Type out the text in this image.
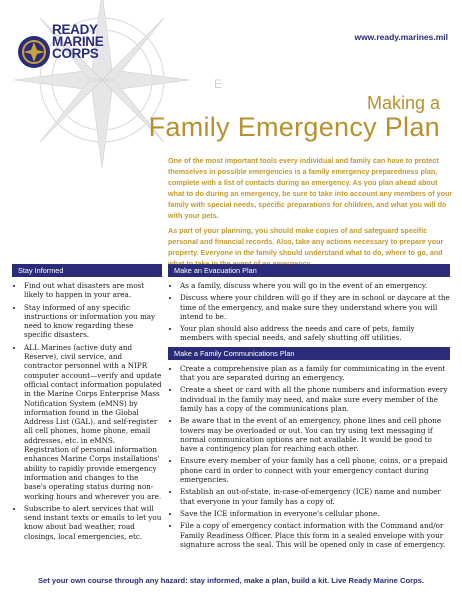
E
READY
MARINE
CORPS
www.ready.marines.mil
Making a
Family Emergency Plan

One of the most important tools every individual and family can have to protect themselves in possible emergencies is a family emergency preparedness plan, complete with a list of contacts during an emergency. As you plan ahead about what to do during an emergency, be sure to take into account any members of your family with special needs, specific preparations for children, and what you will do with your pets.

As part of your planning, you should make copies of and safeguard specific personal and financial records. Also, take any actions necessary to prepare your property. Everyone in the family should understand what to do, where to go, and

Stay Informed
• Find out what disasters are most likely to happen in your area.
• Stay informed of any specific instructions or information you may need to know regarding these specific disasters.
• ALL Marines (active duty and Reserve), civil service, and contractor personnel with a NIPR computer account—verify and update official contact information populated in the Marine Corps Enterprise Mass Notification System (eMNS) by information found in the Global Address List (GAL), and self-register all cell phones, home phone, email addresses, etc. in eMNS. Registration of personal information enhances Marine Corps installations' ability to rapidly provide emergency information and changes to the base's operating status during non-working hours and wherever you are.
• Subscribe to alert services that will send instant texts or emails to let you know about bad weather, road closings, local emergencies, etc.
Make an Evacuation Plan
• As a family, discuss where you will go in the event of an emergency.
• Discuss where your children will go if they are in school or daycare at the time of the emergency, and make sure they understand where you will intend to be.
• Your plan should also address the needs and care of pets, family members with special needs, and safely shutting off utilities.
Make a Family Communications Plan
• Create a comprehensive plan as a family for communicating in the event that you are separated during an emergency.
• Create a sheet or card with all the phone numbers and information every individual in the family may need, and make sure every member of the family has a copy of the communications plan.
• Be aware that in the event of an emergency, phone lines and cell phone towers may be overloaded or out. You can try using text messaging if normal communication options are not available. It would be good to have a contingency plan for reaching each other.
• Ensure every member of your family has a cell phone, coins, or a prepaid phone card in order to connect with your emergency contact during emergencies.
• Establish an out-of-state, in-case-of-emergency (ICE) name and number that everyone in your family has a copy of.
• Save the ICE information in everyone's cellular phone.
• File a copy of emergency contact information with the Command and/or Family Readiness Officer. Place this form in a sealed envelope with your signature across the seal. This will be opened only in case of emergency.
Set your own course through any hazard: stay informed, make a plan, build a kit. Live Ready Marine Corps.
